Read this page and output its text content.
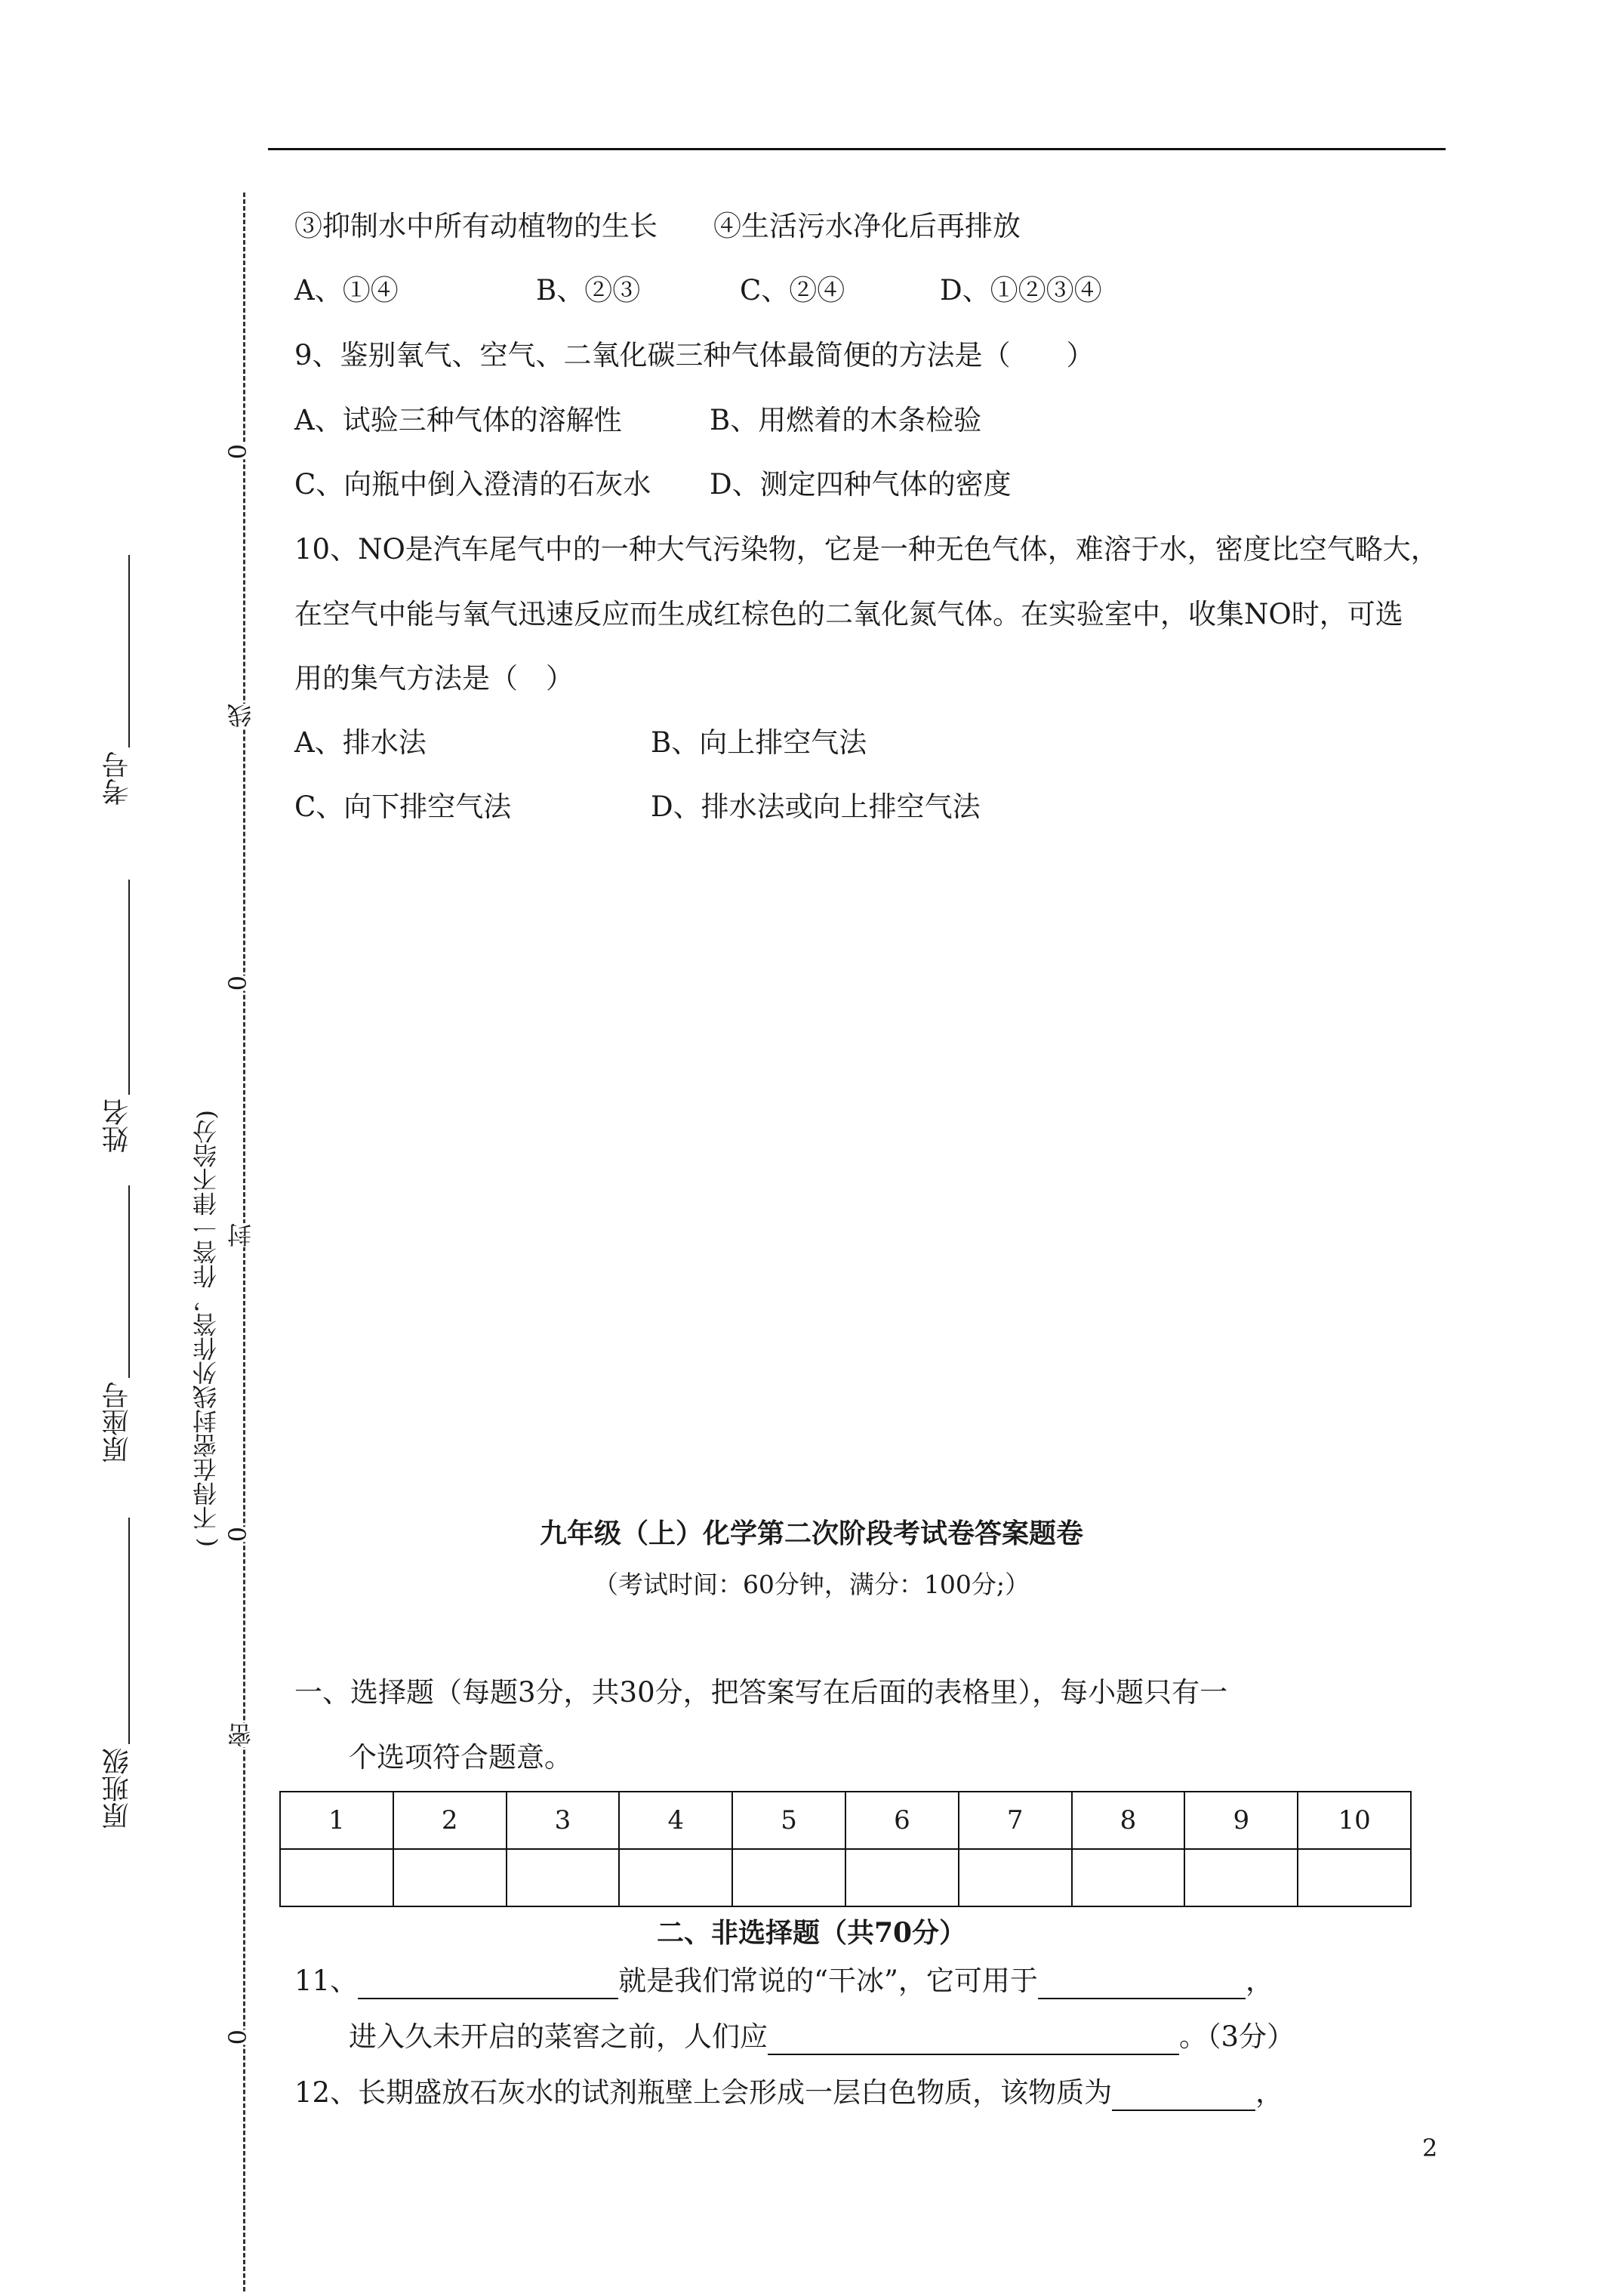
0
线
0
封
0
密
0
( 不得在密封线外作答，作答一律不给分)
考号
姓名
原座号
原班级
③抑制水中所有动植物的生长　　④生活污水净化后再排放
A、①④	B、②③	C、②④	D、①②③④
9、鉴别氧气、空气、二氧化碳三种气体最简便的方法是（　　）
A、试验三种气体的溶解性	B、用燃着的木条检验
C、向瓶中倒入澄清的石灰水 D、测定四种气体的密度
10、NO是汽车尾气中的一种大气污染物，它是一种无色气体，难溶于水，密度比空气略大，
在空气中能与氧气迅速反应而生成红棕色的二氧化氮气体。在实验室中，收集NO时，可选
用的集气方法是（　）
A、排水法	B、向上排空气法
C、向下排空气法	D、排水法或向上排空气法
九年级（上）化学第二次阶段考试卷答案题卷
（考试时间：60分钟，满分：100分;）
一、选择题（每题3分，共30分，把答案写在后面的表格里），每小题只有一
个选项符合题意。
1	2	3	4	5	6	7	8	9	10

二、非选择题（共70分）
11、	就是我们常说的“干冰”，它可用于	，
进入久未开启的菜窖之前，人们应	。（3分）
12、长期盛放石灰水的试剂瓶壁上会形成一层白色物质，该物质为	，
2
